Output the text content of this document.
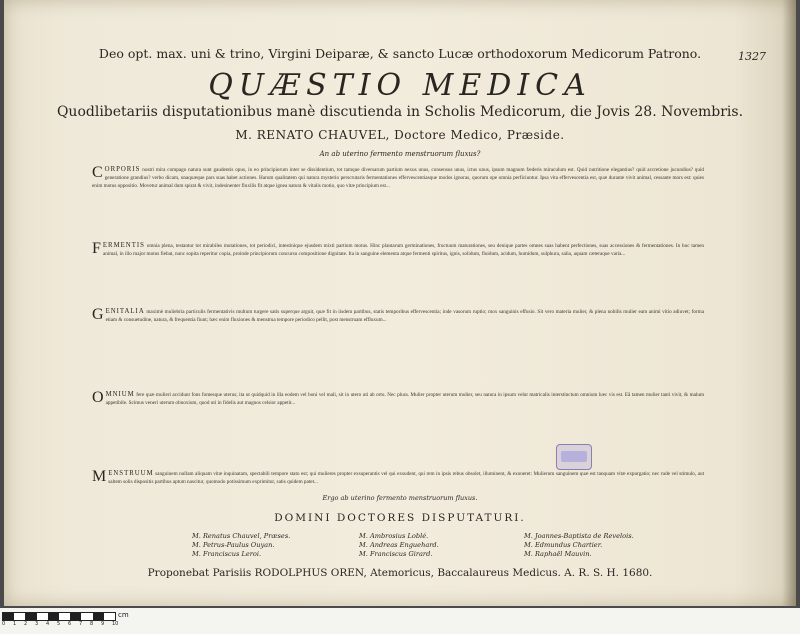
Deo opt. max. uni & trino, Virgini Deiparæ, & sancto Lucæ orthodoxorum Medicorum Patrono.	1327
QUÆSTIO MEDICA
Quodlibetariis disputationibus manè discutienda in Scholis Medicorum, die Jovis 28. Novembris.
M. RENATO CHAUVEL, Doctore Medico, Præside.
An ab uterino fermento menstruorum fluxus?
CORPORIS nostri mira compago natura sunt gaudentis opus, in eo principiorum inter se dissidentium, tot tamque diversarum partium nexus unus, consensus unus, ictus unus, ipsum magnum fæderis miraculum est. Quid nutritione elegantius? quid accretione jucundius? quid generatione grandius? verbo dicam, unaquæque pars suas habet actiones. Harum qualitatem qui natura mysterio perscrutaris fermentationes effervescentiasque modos ignoras, quorum ope omnia perficiuntur. Ipsa vita effervescentia est, quæ durante vivit animal, cessante mors est: quies enim motus oppositio. Movetur animal dum spirat & vivit, indesinenter fluxilis fit atque ignea natura & vitalis motio, quo vitæ principium est...
FERMENTIS omnia plena, testantur tot mirabiles mutationes, tot periodici, intestinique ejusdem mixti partium motus. Hinc plantarum germinationes, fructuum maturationes, seu denique partes omnes suas habent perfectiones, suas accessiones & fermentationes. In hoc tamen animal, in illo major motus fiebat, nunc sopita reperitur copia, proinde principiorum concursu compositione dignitate. Ita in sanguine elementa atque fermenti spiritus, ignis, solidum, fluidum, acidum, humidum, sulphura, salia, aquam cæteraque varia...
GENITALIA maximè muliebria particulis fermentativis multum turgere satis superque arguit, quæ fit in iisdem partibus, statis temporibus effervescentia; inde vasorum ruptio; mox sanguinis effusio. Sit vero materia mulier, & plena nobilis mulier eam animi vitio adiuvet; forma etiam & consuetudine, natura, & frequentia fiunt; hæc enim fluxiones & menstrua tempore periodico pellit, post menstruam effluxum...
OMNIUM fere quæ mulieri accidunt fons fomesque uterus; ita ut quidquid in illa eodem vel boni vel mali, sit in utero uti ab ortu. Nec plura. Mulier propter uterum mulier, seu natura in ipsum velut matricalis interstinctum omnium hæc vis est. Eâ tamen mulier tanti vivit, & malum appetibile. Scimus veneri uterum obnoxium, quod uti in fidelis aut magnos celsior appetit...
MENSTRUUM sanguinem nullam aliquam vitæ inquinatam, spectabili tempore stato est; qui mulieres propter exsuperantis vel qui exsudent, qui rem in ipsis rebus obsolet, illuminent, & exoneret: Mulierum sanguinem quæ est tanquam vitæ expurgatio; nec rude vel stimulo, aut saltem solis dispositis partibus aptum nascitur, quomodo potissimum exprimitur, satis quidem patet...
Ergo ab uterino fermento menstruorum fluxus.
DOMINI DOCTORES DISPUTATURI.
M. Renatus Chauvel, Præses.
M. Petrus-Paulus Ouyan.
M. Franciscus Leroi.
M. Ambrosius Loblé.
M. Andreas Enguehard.
M. Franciscus Girard.
M. Joannes-Baptista de Revelois.
M. Edmundus Chartier.
M. Raphaël Mauvin.
Proponebat Parisiis RODOLPHUS OREN, Atemoricus, Baccalaureus Medicus. A. R. S. H. 1680.
cm
0 1 2 3 4 5 6 7 8 9 10
